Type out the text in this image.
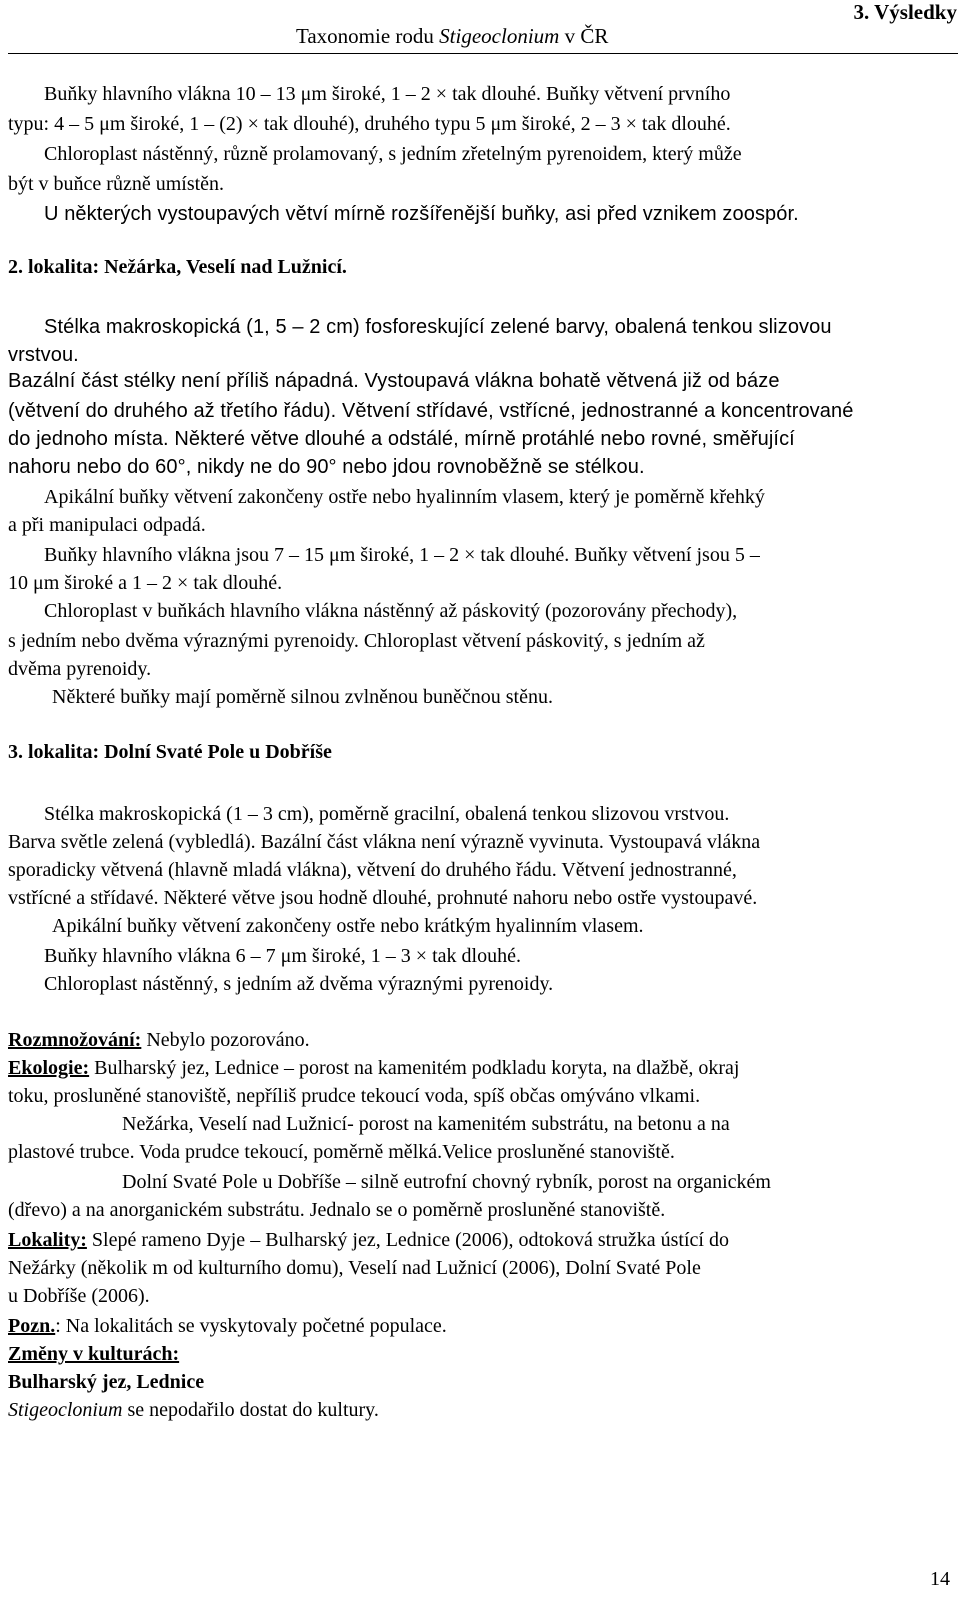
Taxonomie rodu Stigeoclonium v ČR
3. Výsledky
Buňky hlavního vlákna 10 ‒ 13 μm široké, 1 ‒ 2 × tak dlouhé. Buňky větvení prvního
typu: 4 ‒ 5 μm široké, 1 ‒ (2) × tak dlouhé), druhého typu 5 μm široké, 2 ‒ 3 × tak dlouhé.
Chloroplast nástěnný, různě prolamovaný, s jedním zřetelným pyrenoidem, který může
být v buňce různě umístěn.
U některých vystoupavých větví mírně rozšířenější buňky, asi před vznikem zoospór.
2. lokalita: Nežárka, Veselí nad Lužnicí.
Stélka makroskopická (1, 5 ‒ 2 cm) fosforeskující zelené barvy, obalená tenkou slizovou
vrstvou.
Bazální část stélky není příliš nápadná. Vystoupavá vlákna bohatě větvená již od báze
(větvení do druhého až třetího řádu). Větvení střídavé, vstřícné, jednostranné a koncentrované
do jednoho místa. Některé větve dlouhé a odstálé, mírně protáhlé nebo rovné, směřující
nahoru nebo do 60°, nikdy ne do 90° nebo jdou rovnoběžně se stélkou.
Apikální buňky větvení zakončeny ostře nebo hyalinním vlasem, který je poměrně křehký
a při manipulaci odpadá.
Buňky hlavního vlákna jsou 7 ‒ 15 μm široké, 1 ‒ 2 × tak dlouhé. Buňky větvení jsou 5 ‒
10 μm široké a 1 ‒ 2 × tak dlouhé.
Chloroplast v buňkách hlavního vlákna nástěnný až páskovitý (pozorovány přechody),
s jedním nebo dvěma výraznými pyrenoidy. Chloroplast větvení páskovitý, s jedním až
dvěma pyrenoidy.
Některé buňky mají poměrně silnou zvlněnou buněčnou stěnu.
3. lokalita: Dolní Svaté Pole u Dobříše
Stélka makroskopická (1 ‒ 3 cm), poměrně gracilní, obalená tenkou slizovou vrstvou.
Barva světle zelená (vybledlá). Bazální část vlákna není výrazně vyvinuta. Vystoupavá vlákna
sporadicky větvená (hlavně mladá vlákna), větvení do druhého řádu. Větvení jednostranné,
vstřícné a střídavé. Některé větve jsou hodně dlouhé, prohnuté nahoru nebo ostře vystoupavé.
Apikální buňky větvení zakončeny ostře nebo krátkým hyalinním vlasem.
Buňky hlavního vlákna 6 ‒ 7 μm široké, 1 ‒ 3 × tak dlouhé.
Chloroplast nástěnný, s jedním až dvěma výraznými pyrenoidy.
Rozmnožování: Nebylo pozorováno.
Ekologie: Bulharský jez, Lednice ‒ porost na kamenitém podkladu koryta, na dlažbě, okraj
toku, prosluněné stanoviště, nepříliš prudce tekoucí voda, spíš občas omýváno vlkami.
Nežárka, Veselí nad Lužnicí- porost na kamenitém substrátu, na betonu a na
plastové trubce. Voda prudce tekoucí, poměrně mělká.Velice prosluněné stanoviště.
Dolní Svaté Pole u Dobříše ‒ silně eutrofní chovný rybník, porost na organickém
(dřevo) a na anorganickém substrátu. Jednalo se o poměrně prosluněné stanoviště.
Lokality: Slepé rameno Dyje ‒ Bulharský jez, Lednice (2006), odtoková stružka ústící do
Nežárky (několik m od kulturního domu), Veselí nad Lužnicí (2006), Dolní Svaté Pole
u Dobříše (2006).
Pozn.: Na lokalitách se vyskytovaly početné populace.
Změny v kulturách:
Bulharský jez, Lednice
Stigeoclonium se nepodařilo dostat do kultury.
14
